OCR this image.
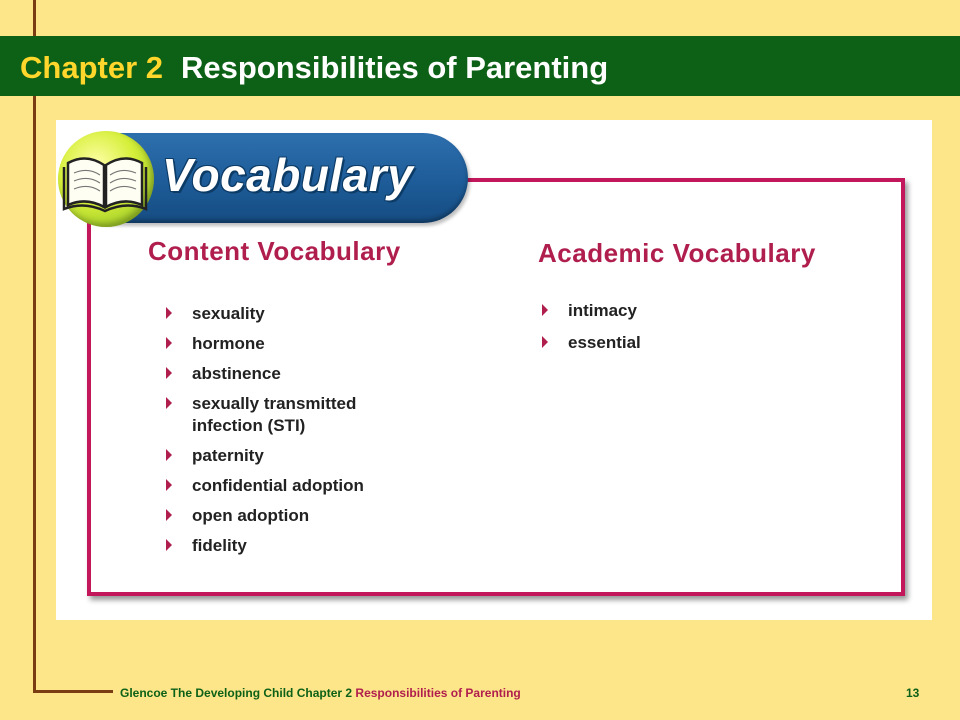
Chapter 2 Responsibilities of Parenting
Vocabulary
Content Vocabulary	Academic Vocabulary
sexuality
hormone
abstinence
sexually transmitted infection (STI)
paternity
confidential adoption
open adoption
fidelity
intimacy
essential
Glencoe The Developing Child Chapter 2 Responsibilities of Parenting	13
